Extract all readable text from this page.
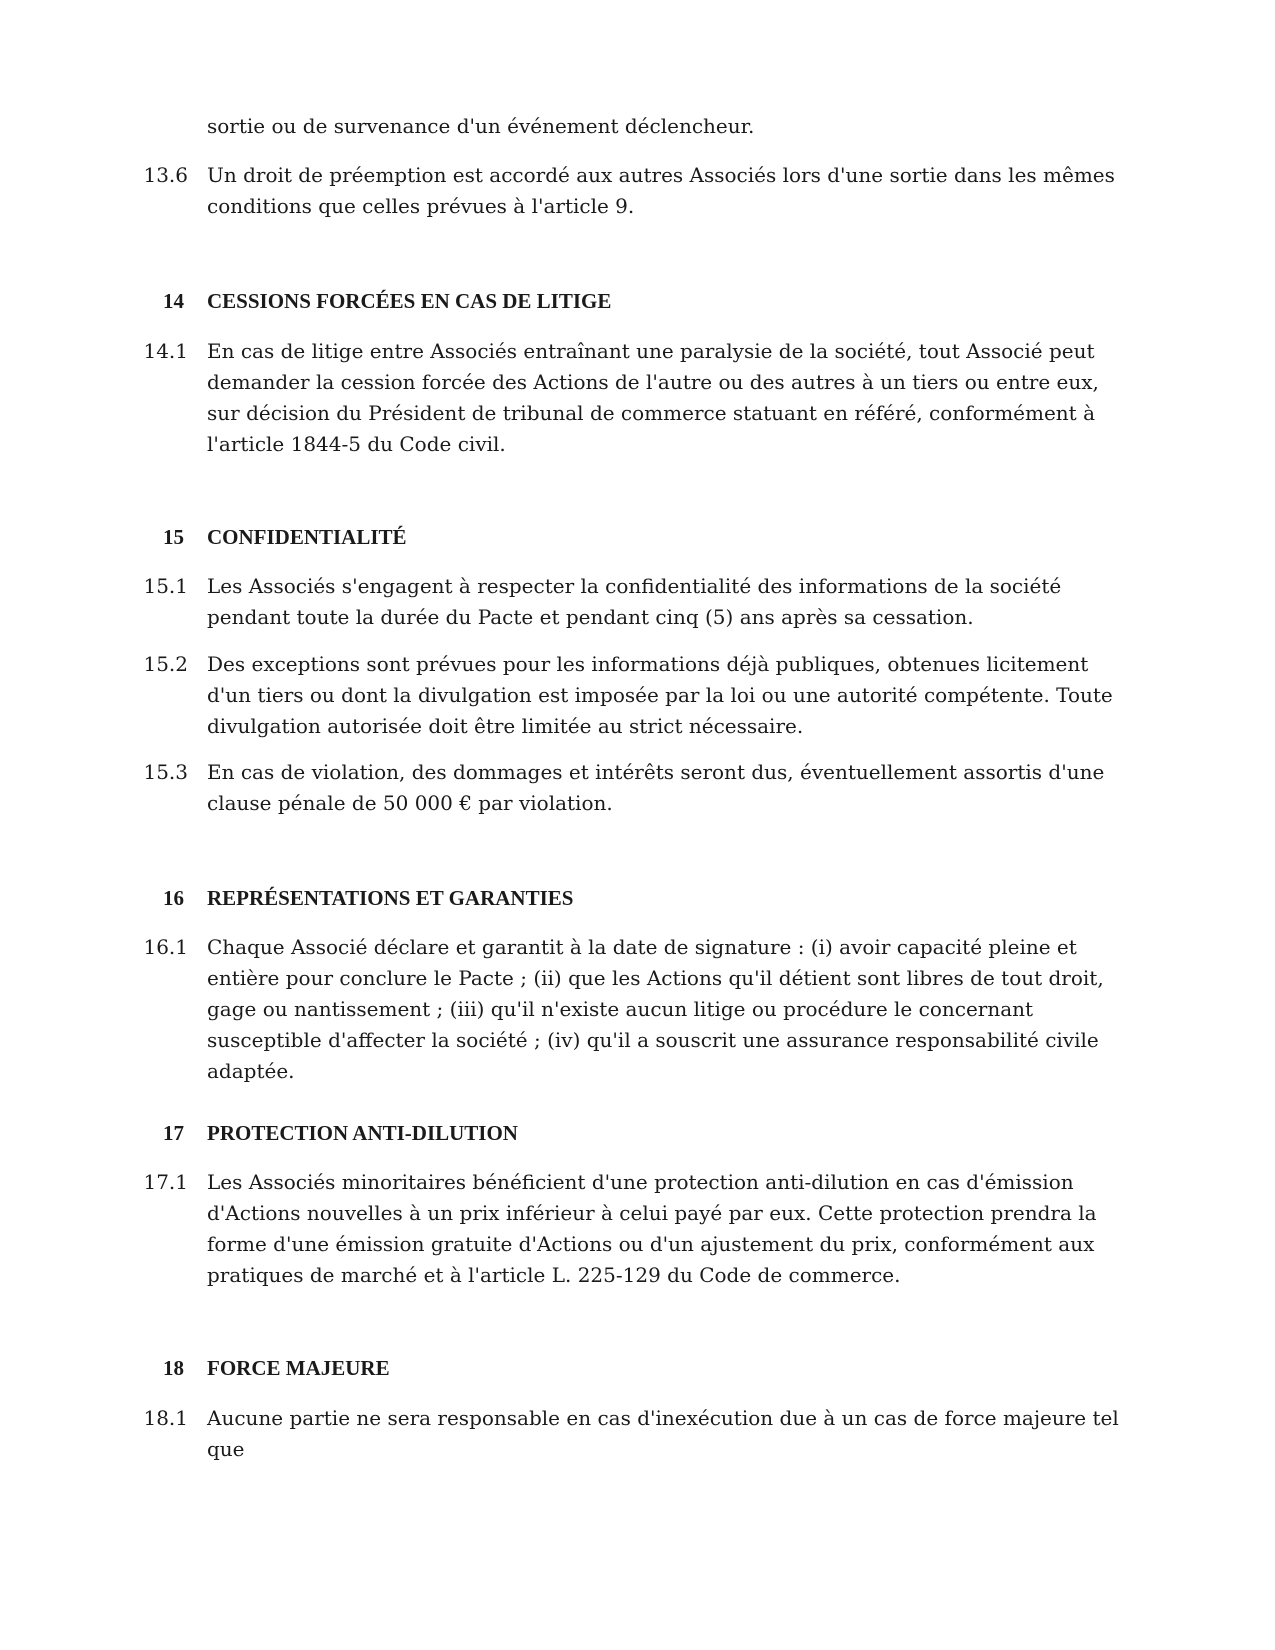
sortie ou de survenance d'un événement déclencheur.
13.6 Un droit de préemption est accordé aux autres Associés lors d'une sortie dans les mêmes conditions que celles prévues à l'article 9.
14 CESSIONS FORCÉES EN CAS DE LITIGE
14.1 En cas de litige entre Associés entraînant une paralysie de la société, tout Associé peut demander la cession forcée des Actions de l'autre ou des autres à un tiers ou entre eux, sur décision du Président de tribunal de commerce statuant en référé, conformément à l'article 1844-5 du Code civil.
15 CONFIDENTIALITÉ
15.1 Les Associés s'engagent à respecter la confidentialité des informations de la société pendant toute la durée du Pacte et pendant cinq (5) ans après sa cessation.
15.2 Des exceptions sont prévues pour les informations déjà publiques, obtenues licitement d'un tiers ou dont la divulgation est imposée par la loi ou une autorité compétente. Toute divulgation autorisée doit être limitée au strict nécessaire.
15.3 En cas de violation, des dommages et intérêts seront dus, éventuellement assortis d'une clause pénale de 50 000 € par violation.
16 REPRÉSENTATIONS ET GARANTIES
16.1 Chaque Associé déclare et garantit à la date de signature : (i) avoir capacité pleine et entière pour conclure le Pacte ; (ii) que les Actions qu'il détient sont libres de tout droit, gage ou nantissement ; (iii) qu'il n'existe aucun litige ou procédure le concernant susceptible d'affecter la société ; (iv) qu'il a souscrit une assurance responsabilité civile adaptée.
17 PROTECTION ANTI-DILUTION
17.1 Les Associés minoritaires bénéficient d'une protection anti-dilution en cas d'émission d'Actions nouvelles à un prix inférieur à celui payé par eux. Cette protection prendra la forme d'une émission gratuite d'Actions ou d'un ajustement du prix, conformément aux pratiques de marché et à l'article L. 225-129 du Code de commerce.
18 FORCE MAJEURE
18.1 Aucune partie ne sera responsable en cas d'inexécution due à un cas de force majeure tel que
